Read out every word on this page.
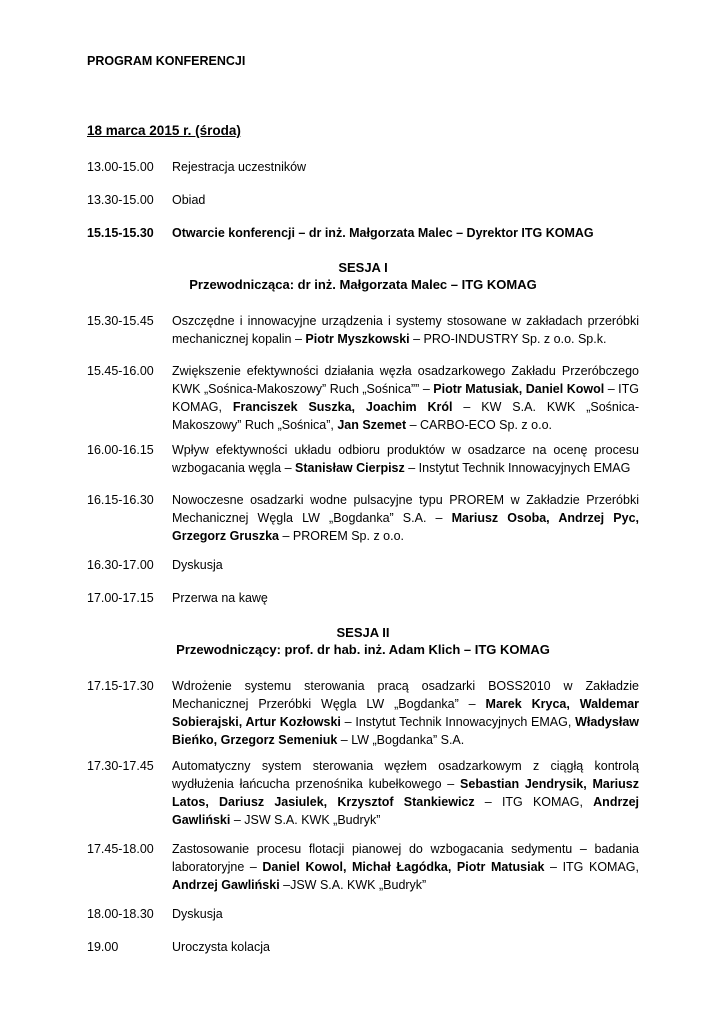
PROGRAM KONFERENCJI
18 marca 2015 r. (środa)
13.00-15.00	Rejestracja uczestników
13.30-15.00	Obiad
15.15-15.30	Otwarcie konferencji – dr inż. Małgorzata Malec – Dyrektor ITG KOMAG
SESJA I
Przewodnicząca: dr inż. Małgorzata Malec – ITG KOMAG
15.30-15.45	Oszczędne i innowacyjne urządzenia i systemy stosowane w zakładach przeróbki mechanicznej kopalin – Piotr Myszkowski – PRO-INDUSTRY Sp. z o.o. Sp.k.
15.45-16.00	Zwiększenie efektywności działania węzła osadzarkowego Zakładu Przeróbczego KWK „Sośnica-Makoszowy” Ruch „Sośnica”” – Piotr Matusiak, Daniel Kowol – ITG KOMAG, Franciszek Suszka, Joachim Król – KW S.A. KWK „Sośnica-Makoszowy” Ruch „Sośnica”, Jan Szemet – CARBO-ECO Sp. z o.o.
16.00-16.15	Wpływ efektywności układu odbioru produktów w osadzarce na ocenę procesu wzbogacania węgla – Stanisław Cierpisz – Instytut Technik Innowacyjnych EMAG
16.15-16.30	Nowoczesne osadzarki wodne pulsacyjne typu PROREM w Zakładzie Przeróbki Mechanicznej Węgla LW „Bogdanka” S.A. – Mariusz Osoba, Andrzej Pyc, Grzegorz Gruszka – PROREM Sp. z o.o.
16.30-17.00	Dyskusja
17.00-17.15	Przerwa na kawę
SESJA II
Przewodniczący: prof. dr hab. inż. Adam Klich – ITG KOMAG
17.15-17.30	Wdrożenie systemu sterowania pracą osadzarki BOSS2010 w Zakładzie Mechanicznej Przeróbki Węgla LW „Bogdanka” – Marek Kryca, Waldemar Sobierajski, Artur Kozłowski – Instytut Technik Innowacyjnych EMAG, Władysław Bieńko, Grzegorz Semeniuk – LW „Bogdanka” S.A.
17.30-17.45	Automatyczny system sterowania węzłem osadzarkowym z ciągłą kontrolą wydłużenia łańcucha przenośnika kubełkowego – Sebastian Jendrysik, Mariusz Latos, Dariusz Jasiulek, Krzysztof Stankiewicz – ITG KOMAG, Andrzej Gawliński – JSW S.A. KWK „Budryk”
17.45-18.00	Zastosowanie procesu flotacji pianowej do wzbogacania sedymentu – badania laboratoryjne – Daniel Kowol, Michał Łagódka, Piotr Matusiak – ITG KOMAG, Andrzej Gawliński –JSW S.A. KWK „Budryk”
18.00-18.30	Dyskusja
19.00	Uroczysta kolacja
